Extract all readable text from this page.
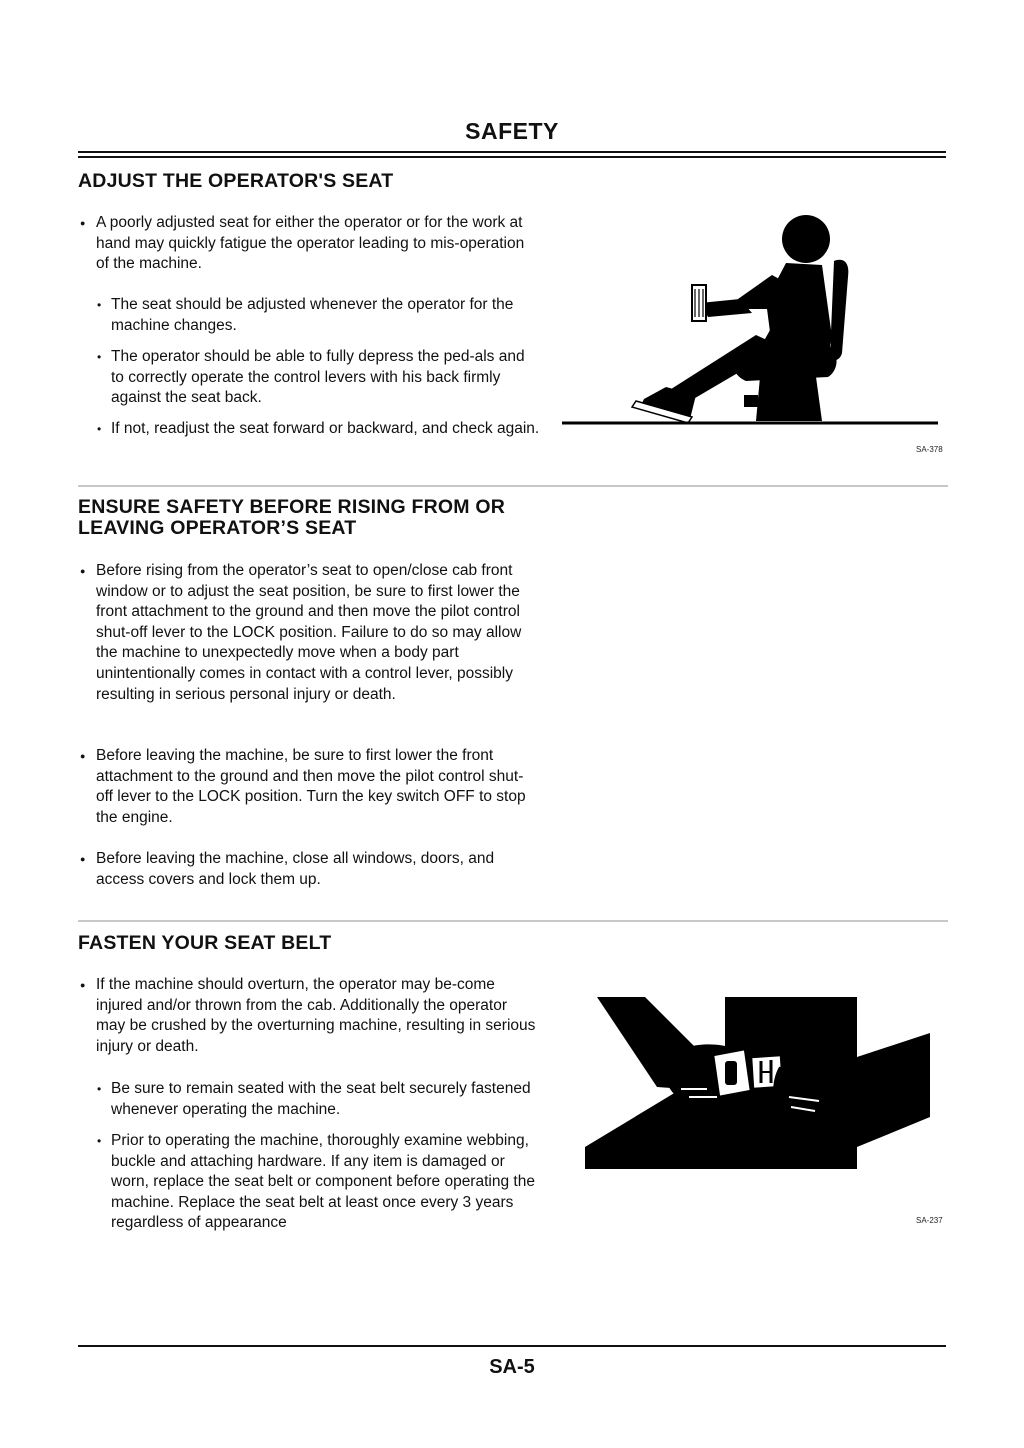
SAFETY
ADJUST THE OPERATOR'S SEAT
● A poorly adjusted seat for either the operator or for the work at hand may quickly fatigue the operator leading to mis-operation of the machine.
• The seat should be adjusted whenever the operator for the machine changes.
• The operator should be able to fully depress the ped-als and to correctly operate the control levers with his back firmly against the seat back.
• If not, readjust the seat forward or backward, and check again.
SA-378
ENSURE SAFETY BEFORE RISING FROM OR
LEAVING OPERATOR’S SEAT
● Before rising from the operator’s seat to open/close cab front window or to adjust the seat position, be sure to first lower the front attachment to the ground and then move the pilot control shut-off lever to the LOCK position. Failure to do so may allow the machine to unexpectedly move when a body part unintentionally comes in contact with a control lever, possibly resulting in serious personal injury or death.
● Before leaving the machine, be sure to first lower the front attachment to the ground and then move the pilot control shut-off lever to the LOCK position. Turn the key switch OFF to stop the engine.
● Before leaving the machine, close all windows, doors, and access covers and lock them up.
FASTEN YOUR SEAT BELT
● If the machine should overturn, the operator may be-come injured and/or thrown from the cab. Additionally the operator may be crushed by the overturning machine, resulting in serious injury or death.
• Be sure to remain seated with the seat belt securely fastened whenever operating the machine.
• Prior to operating the machine, thoroughly examine webbing, buckle and attaching hardware. If any item is damaged or worn, replace the seat belt or component before operating the machine. Replace the seat belt at least once every 3 years regardless of appearance	SA-237
SA-5
